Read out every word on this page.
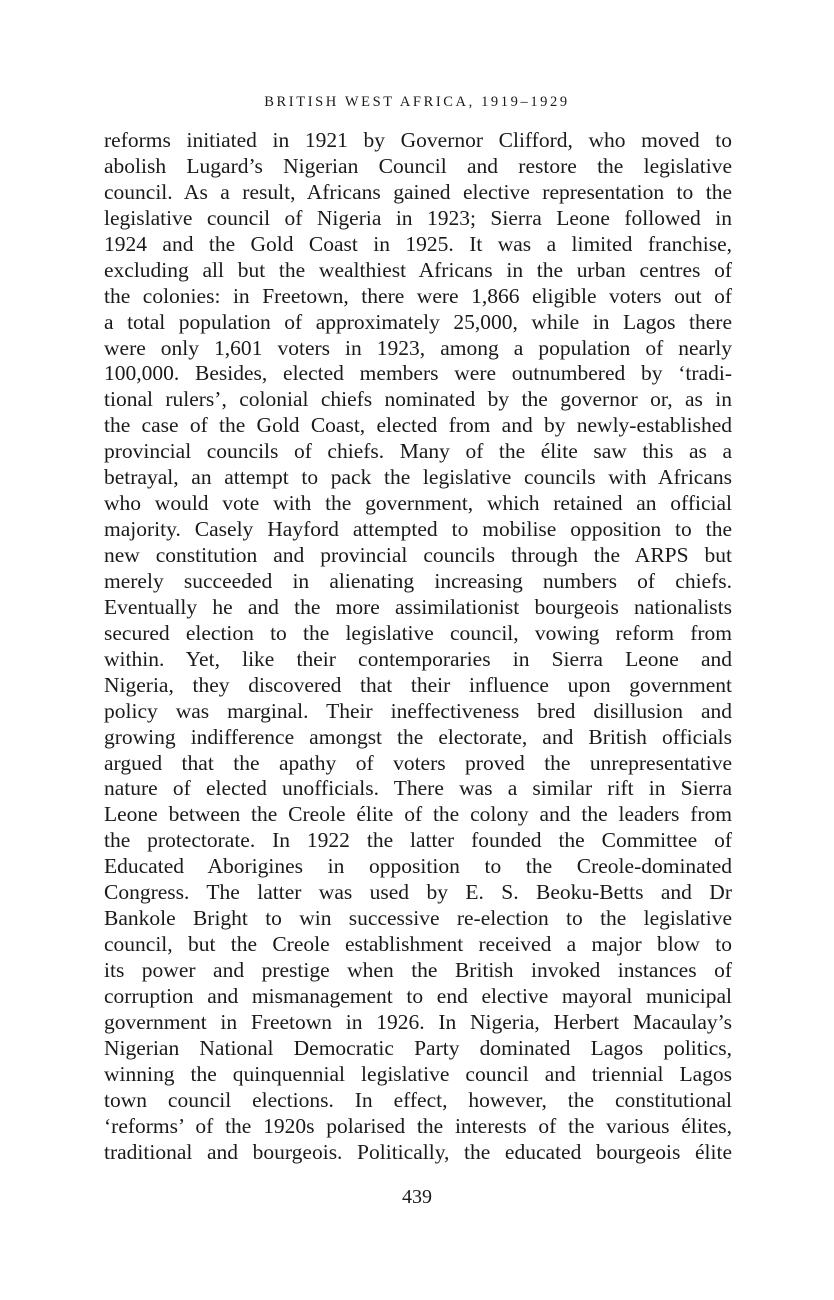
BRITISH WEST AFRICA, 1919–1929
reforms initiated in 1921 by Governor Clifford, who moved to
abolish Lugard’s Nigerian Council and restore the legislative
council. As a result, Africans gained elective representation to the
legislative council of Nigeria in 1923; Sierra Leone followed in
1924 and the Gold Coast in 1925. It was a limited franchise,
excluding all but the wealthiest Africans in the urban centres of
the colonies: in Freetown, there were 1,866 eligible voters out of
a total population of approximately 25,000, while in Lagos there
were only 1,601 voters in 1923, among a population of nearly
100,000. Besides, elected members were outnumbered by ‘tradi-
tional rulers’, colonial chiefs nominated by the governor or, as in
the case of the Gold Coast, elected from and by newly-established
provincial councils of chiefs. Many of the élite saw this as a
betrayal, an attempt to pack the legislative councils with Africans
who would vote with the government, which retained an official
majority. Casely Hayford attempted to mobilise opposition to the
new constitution and provincial councils through the ARPS but
merely succeeded in alienating increasing numbers of chiefs.
Eventually he and the more assimilationist bourgeois nationalists
secured election to the legislative council, vowing reform from
within. Yet, like their contemporaries in Sierra Leone and
Nigeria, they discovered that their influence upon government
policy was marginal. Their ineffectiveness bred disillusion and
growing indifference amongst the electorate, and British officials
argued that the apathy of voters proved the unrepresentative
nature of elected unofficials. There was a similar rift in Sierra
Leone between the Creole élite of the colony and the leaders from
the protectorate. In 1922 the latter founded the Committee of
Educated Aborigines in opposition to the Creole-dominated
Congress. The latter was used by E. S. Beoku-Betts and Dr
Bankole Bright to win successive re-election to the legislative
council, but the Creole establishment received a major blow to
its power and prestige when the British invoked instances of
corruption and mismanagement to end elective mayoral municipal
government in Freetown in 1926. In Nigeria, Herbert Macaulay’s
Nigerian National Democratic Party dominated Lagos politics,
winning the quinquennial legislative council and triennial Lagos
town council elections. In effect, however, the constitutional
‘reforms’ of the 1920s polarised the interests of the various élites,
traditional and bourgeois. Politically, the educated bourgeois élite
439
